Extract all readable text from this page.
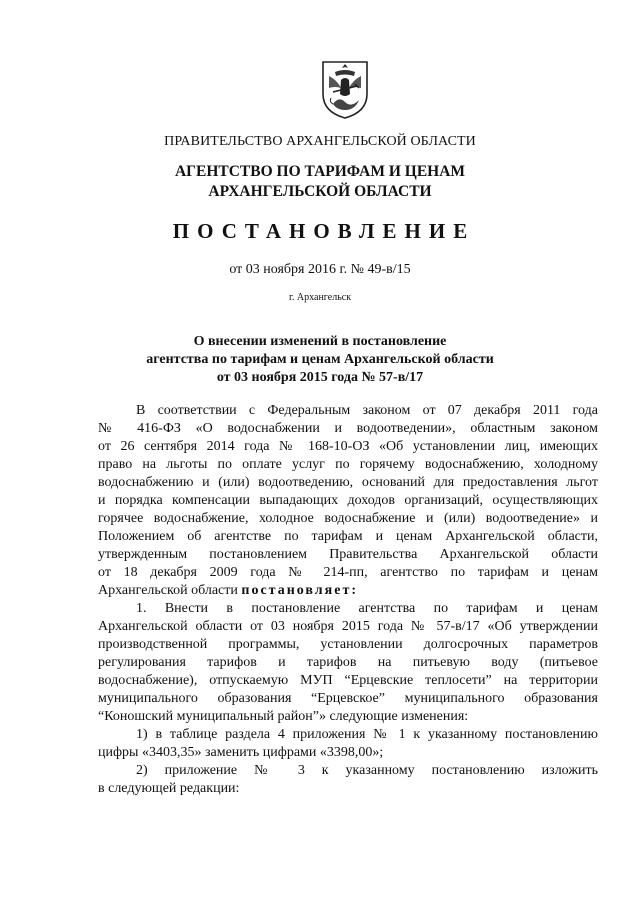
ПРАВИТЕЛЬСТВО АРХАНГЕЛЬСКОЙ ОБЛАСТИ
АГЕНТСТВО ПО ТАРИФАМ И ЦЕНАМ
АРХАНГЕЛЬСКОЙ ОБЛАСТИ
ПОСТАНОВЛЕНИЕ
от 03 ноября 2016 г. № 49-в/15
г. Архангельск
О внесении изменений в постановление
агентства по тарифам и ценам Архангельской области
от 03 ноября 2015 года № 57-в/17

В соответствии с Федеральным законом от 07 декабря 2011 года

№ 416-ФЗ «О водоснабжении и водоотведении», областным законом

от 26 сентября 2014 года № 168-10-ОЗ «Об установлении лиц, имеющих

право на льготы по оплате услуг по горячему водоснабжению, холодному

водоснабжению и (или) водоотведению, оснований для предоставления льгот

и порядка компенсации выпадающих доходов организаций, осуществляющих

горячее водоснабжение, холодное водоснабжение и (или) водоотведение» и

Положением об агентстве по тарифам и ценам Архангельской области,

утвержденным постановлением Правительства Архангельской области

от 18 декабря 2009 года № 214-пп, агентство по тарифам и ценам

Архангельской области постановляет:

1. Внести в постановление агентства по тарифам и ценам

Архангельской области от 03 ноября 2015 года № 57-в/17 «Об утверждении

производственной программы, установлении долгосрочных параметров

регулирования тарифов и тарифов на питьевую воду (питьевое

водоснабжение), отпускаемую МУП “Ерцевские теплосети” на территории

муниципального образования “Ерцевское” муниципального образования

“Коношский муниципальный район”» следующие изменения:

1) в таблице раздела 4 приложения № 1 к указанному постановлению

цифры «3403,35» заменить цифрами «3398,00»;

2) приложение № 3 к указанному постановлению изложить

в следующей редакции:
